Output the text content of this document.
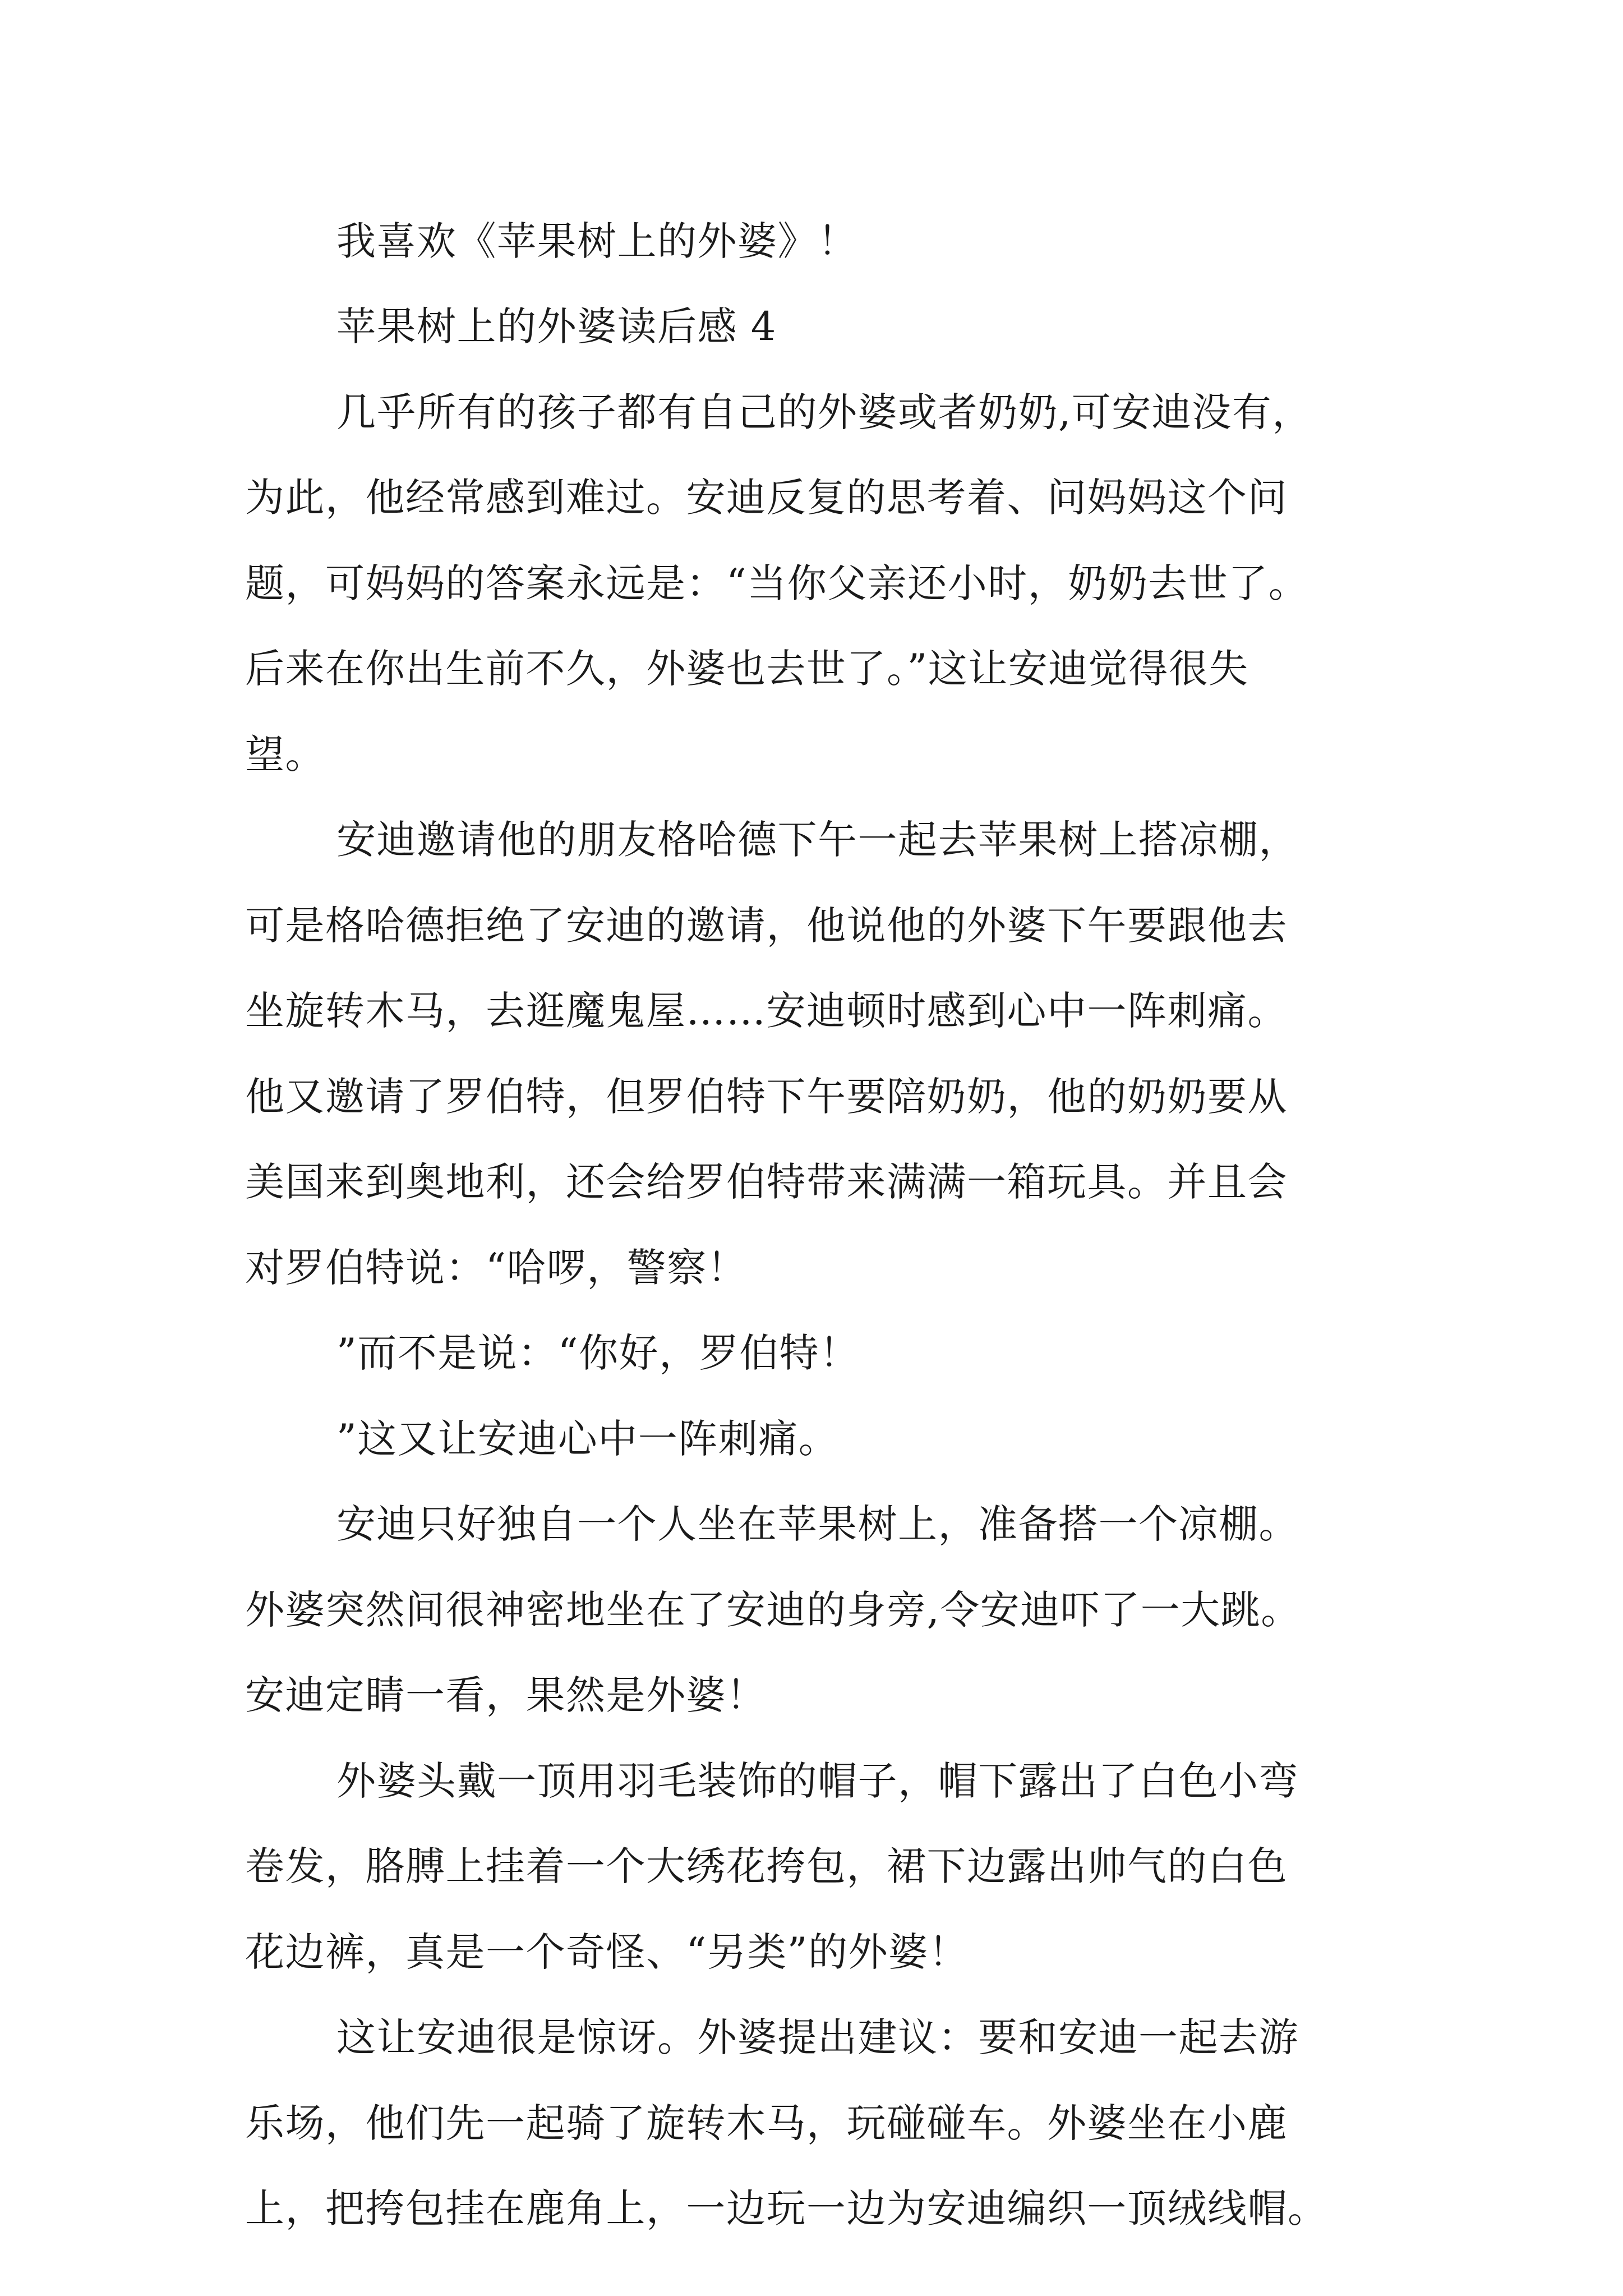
我喜欢《苹果树上的外婆》！
苹果树上的外婆读后感 4
几乎所有的孩子都有自己的外婆或者奶奶,可安迪没有，
为此，他经常感到难过。安迪反复的思考着、问妈妈这个问
题，可妈妈的答案永远是：“当你父亲还小时，奶奶去世了。
后来在你出生前不久，外婆也去世了。”这让安迪觉得很失
望。
安迪邀请他的朋友格哈德下午一起去苹果树上搭凉棚，
可是格哈德拒绝了安迪的邀请，他说他的外婆下午要跟他去
坐旋转木马，去逛魔鬼屋……安迪顿时感到心中一阵刺痛。
他又邀请了罗伯特，但罗伯特下午要陪奶奶，他的奶奶要从
美国来到奥地利，还会给罗伯特带来满满一箱玩具。并且会
对罗伯特说：“哈啰，警察！
”而不是说：“你好，罗伯特！
”这又让安迪心中一阵刺痛。
安迪只好独自一个人坐在苹果树上，准备搭一个凉棚。
外婆突然间很神密地坐在了安迪的身旁,令安迪吓了一大跳。
安迪定睛一看，果然是外婆！
外婆头戴一顶用羽毛装饰的帽子，帽下露出了白色小弯
卷发，胳膊上挂着一个大绣花挎包，裙下边露出帅气的白色
花边裤，真是一个奇怪、“另类”的外婆！
这让安迪很是惊讶。外婆提出建议：要和安迪一起去游
乐场，他们先一起骑了旋转木马，玩碰碰车。外婆坐在小鹿
上，把挎包挂在鹿角上，一边玩一边为安迪编织一顶绒线帽。
